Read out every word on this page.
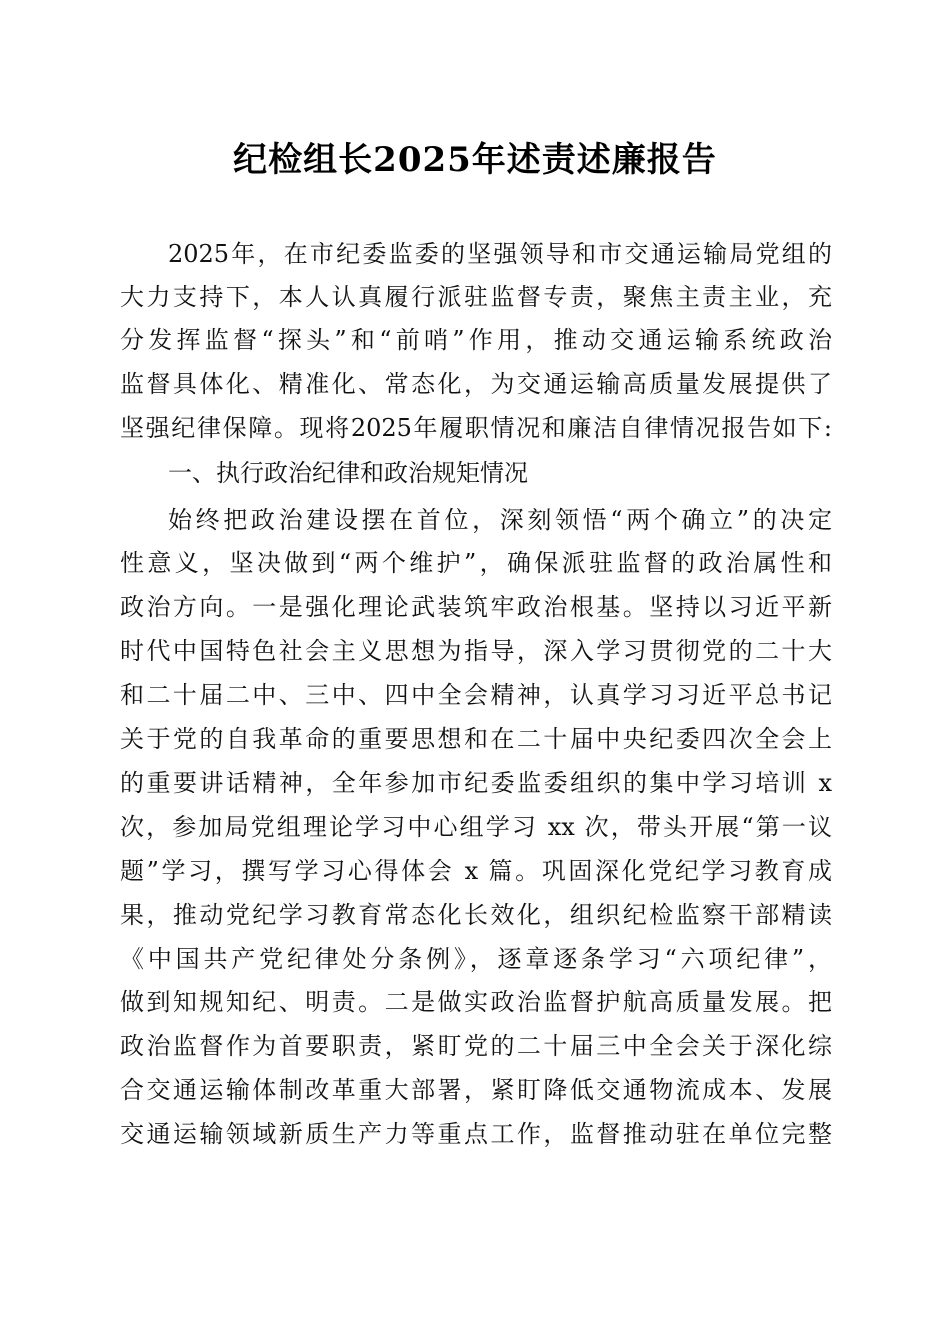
纪检组长2025年述责述廉报告
2025年，在市纪委监委的坚强领导和市交通运输局党组的
大力支持下，本人认真履行派驻监督专责，聚焦主责主业，充
分发挥监督“探头”和“前哨”作用，推动交通运输系统政治
监督具体化、精准化、常态化，为交通运输高质量发展提供了
坚强纪律保障。现将2025年履职情况和廉洁自律情况报告如下:
一、执行政治纪律和政治规矩情况
始终把政治建设摆在首位，深刻领悟“两个确立”的决定
性意义，坚决做到“两个维护”，确保派驻监督的政治属性和
政治方向。一是强化理论武装筑牢政治根基。坚持以习近平新
时代中国特色社会主义思想为指导，深入学习贯彻党的二十大
和二十届二中、三中、四中全会精神，认真学习习近平总书记
关于党的自我革命的重要思想和在二十届中央纪委四次全会上
的重要讲话精神，全年参加市纪委监委组织的集中学习培训 x
次，参加局党组理论学习中心组学习 xx 次，带头开展“第一议
题”学习，撰写学习心得体会 x 篇。巩固深化党纪学习教育成
果，推动党纪学习教育常态化长效化，组织纪检监察干部精读
《中国共产党纪律处分条例》，逐章逐条学习“六项纪律”，
做到知规知纪、明责。二是做实政治监督护航高质量发展。把
政治监督作为首要职责，紧盯党的二十届三中全会关于深化综
合交通运输体制改革重大部署，紧盯降低交通物流成本、发展
交通运输领域新质生产力等重点工作，监督推动驻在单位完整
